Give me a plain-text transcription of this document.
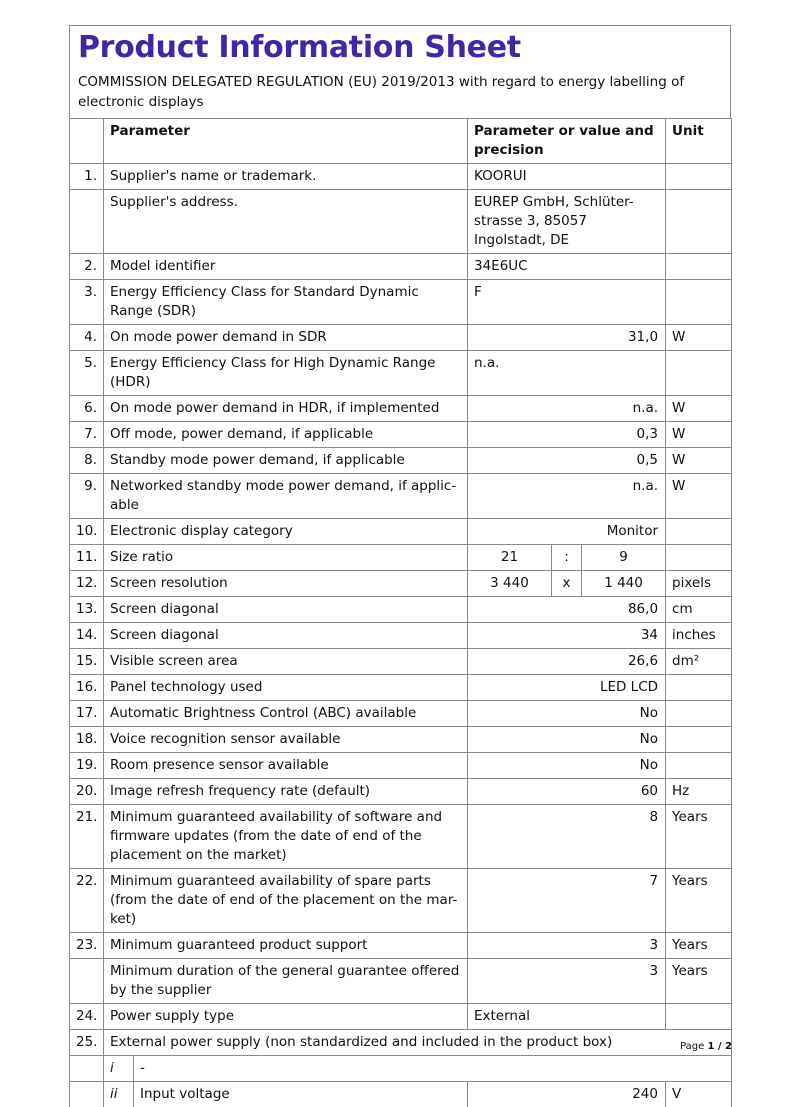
Product Information Sheet
COMMISSION DELEGATED REGULATION (EU) 2019/2013 with regard to energy labelling of electronic displays
	Parameter	Parameter or value and precision			Unit
1.	Supplier's name or trademark.	KOORUI			
	Supplier's address.	EUREP GmbH, Schlüter-strasse 3, 85057 Ingolstadt, DE			
2.	Model identifier	34E6UC			
3.	Energy Efficiency Class for Standard Dynamic Range (SDR)	F			
4.	On mode power demand in SDR	31,0			W
5.	Energy Efficiency Class for High Dynamic Range (HDR)	n.a.			
6.	On mode power demand in HDR, if implemented	n.a.			W
7.	Off mode, power demand, if applicable	0,3			W
8.	Standby mode power demand, if applicable	0,5			W
9.	Networked standby mode power demand, if applic-able	n.a.			W
10.	Electronic display category	Monitor			
11.	Size ratio	21	:	9	
12.	Screen resolution	3 440	x	1 440	pixels
13.	Screen diagonal	86,0			cm
14.	Screen diagonal	34			inches
15.	Visible screen area	26,6			dm²
16.	Panel technology used	LED LCD			
17.	Automatic Brightness Control (ABC) available	No			
18.	Voice recognition sensor available	No			
19.	Room presence sensor available	No			
20.	Image refresh frequency rate (default)	60			Hz
21.	Minimum guaranteed availability of software and firmware updates (from the date of end of the placement on the market)	8			Years
22.	Minimum guaranteed availability of spare parts (from the date of end of the placement on the mar-ket)	7			Years
23.	Minimum guaranteed product support	3			Years
	Minimum duration of the general guarantee offered by the supplier	3			Years
24.	Power supply type	External			
25.	External power supply (non standardized and included in the product box)				
	i	-		
	ii	Input voltage	240	V
Page 1 / 2
